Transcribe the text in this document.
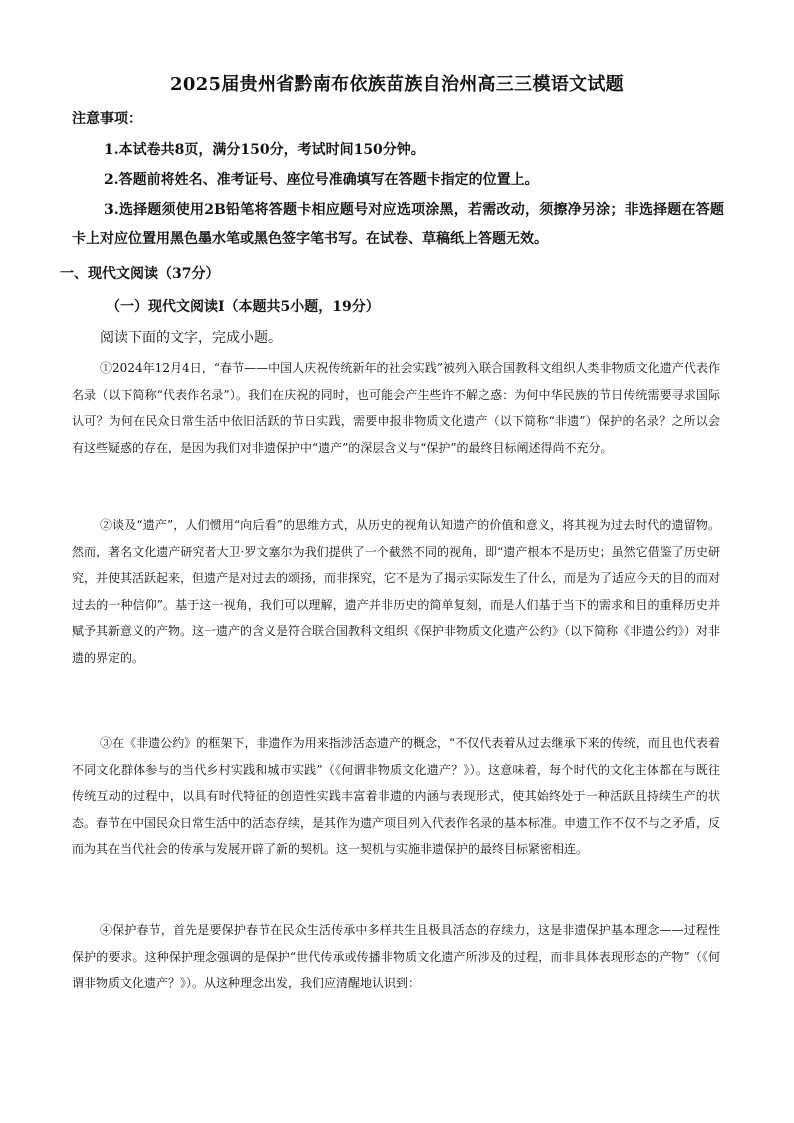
2025届贵州省黔南布依族苗族自治州高三三模语文试题
注意事项：
1.本试卷共8页，满分150分，考试时间150分钟。
2.答题前将姓名、准考证号、座位号准确填写在答题卡指定的位置上。
3.选择题须使用2B铅笔将答题卡相应题号对应选项涂黑，若需改动，须擦净另涂；非选择题在答题卡上对应位置用黑色墨水笔或黑色签字笔书写。在试卷、草稿纸上答题无效。
一、现代文阅读（37分）
（一）现代文阅读Ⅰ（本题共5小题，19分）
阅读下面的文字，完成小题。
①2024年12月4日，“春节——中国人庆祝传统新年的社会实践”被列入联合国教科文组织人类非物质文化遗产代表作名录（以下简称“代表作名录”）。我们在庆祝的同时，也可能会产生些许不解之惑：为何中华民族的节日传统需要寻求国际认可？为何在民众日常生活中依旧活跃的节日实践，需要申报非物质文化遗产（以下简称“非遗”）保护的名录？之所以会有这些疑惑的存在，是因为我们对非遗保护中“遗产”的深层含义与“保护”的最终目标阐述得尚不充分。
②谈及“遗产”，人们惯用“向后看”的思维方式，从历史的视角认知遗产的价值和意义，将其视为过去时代的遗留物。然而，著名文化遗产研究者大卫·罗文塞尔为我们提供了一个截然不同的视角，即“遗产根本不是历史；虽然它借鉴了历史研究，并使其活跃起来，但遗产是对过去的颂扬，而非探究，它不是为了揭示实际发生了什么，而是为了适应今天的目的而对过去的一种信仰”。基于这一视角，我们可以理解，遗产并非历史的简单复刻，而是人们基于当下的需求和目的重释历史并赋予其新意义的产物。这一遗产的含义是符合联合国教科文组织《保护非物质文化遗产公约》（以下简称《非遗公约》）对非遗的界定的。
③在《非遗公约》的框架下，非遗作为用来指涉活态遗产的概念，“不仅代表着从过去继承下来的传统，而且也代表着不同文化群体参与的当代乡村实践和城市实践”（《何谓非物质文化遗产？》）。这意味着，每个时代的文化主体都在与既往传统互动的过程中，以具有时代特征的创造性实践丰富着非遗的内涵与表现形式，使其始终处于一种活跃且持续生产的状态。春节在中国民众日常生活中的活态存续，是其作为遗产项目列入代表作名录的基本标准。申遗工作不仅不与之矛盾，反而为其在当代社会的传承与发展开辟了新的契机。这一契机与实施非遗保护的最终目标紧密相连。
④保护春节，首先是要保护春节在民众生活传承中多样共生且极具活态的存续力，这是非遗保护基本理念——过程性保护的要求。这种保护理念强调的是保护“世代传承或传播非物质文化遗产所涉及的过程，而非具体表现形态的产物”（《何谓非物质文化遗产？》）。从这种理念出发，我们应清醒地认识到：
